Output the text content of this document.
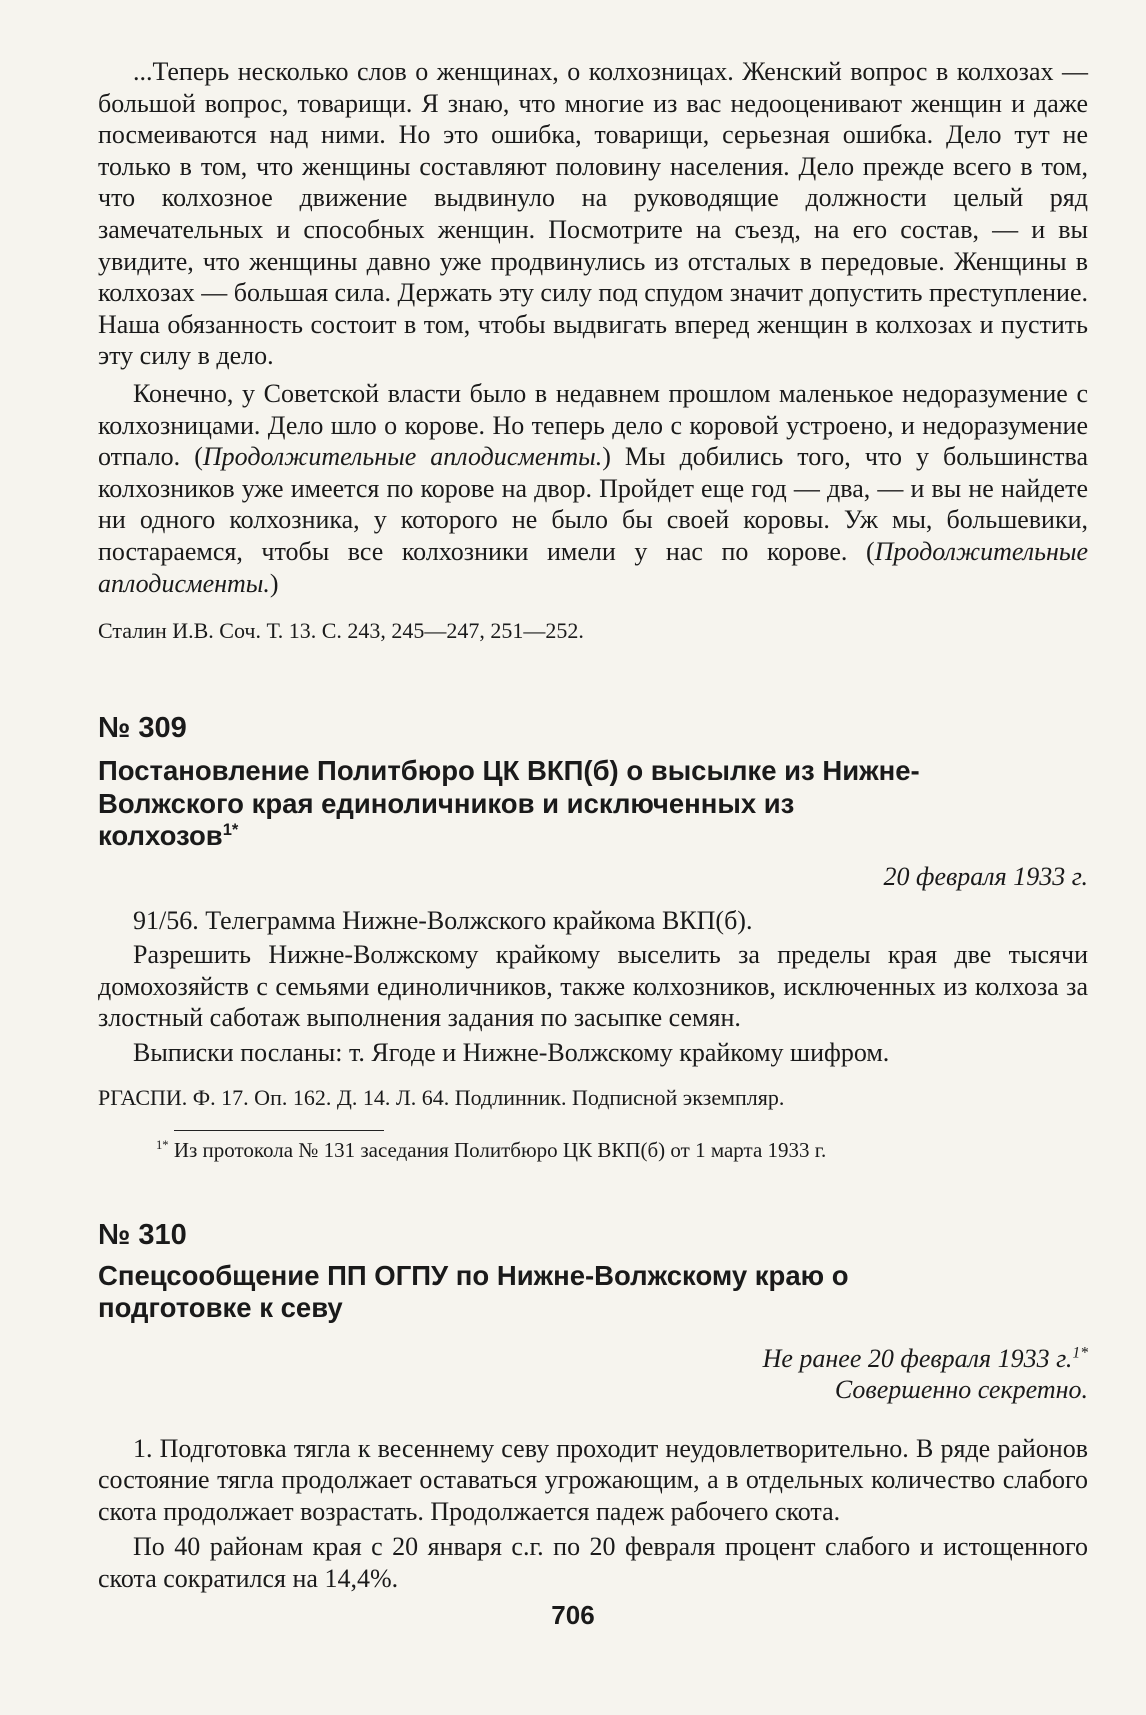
...Теперь несколько слов о женщинах, о колхозницах. Женский вопрос в колхозах — большой вопрос, товарищи. Я знаю, что многие из вас недооценивают женщин и даже посмеиваются над ними. Но это ошибка, товарищи, серьезная ошибка. Дело тут не только в том, что женщины составляют половину населения. Дело прежде всего в том, что колхозное движение выдвинуло на руководящие должности целый ряд замечательных и способных женщин. Посмотрите на съезд, на его состав, — и вы увидите, что женщины давно уже продвинулись из отсталых в передовые. Женщины в колхозах — большая сила. Держать эту силу под спудом значит допустить преступление. Наша обязанность состоит в том, чтобы выдвигать вперед женщин в колхозах и пустить эту силу в дело.

Конечно, у Советской власти было в недавнем прошлом маленькое недоразумение с колхозницами. Дело шло о корове. Но теперь дело с коровой устроено, и недоразумение отпало. (Продолжительные аплодисменты.) Мы добились того, что у большинства колхозников уже имеется по корове на двор. Пройдет еще год — два, — и вы не найдете ни одного колхозника, у которого не было бы своей коровы. Уж мы, большевики, постараемся, чтобы все колхозники имели у нас по корове. (Продолжительные аплодисменты.)

Сталин И.В. Соч. Т. 13. С. 243, 245—247, 251—252.

№ 309

Постановление Политбюро ЦК ВКП(б) о высылке из Нижне-Волжского края единоличников и исключенных из колхозов$^{1*}$

20 февраля 1933 г.

91/56. Телеграмма Нижне-Волжского крайкома ВКП(б).

Разрешить Нижне-Волжскому крайкому выселить за пределы края две тысячи домохозяйств с семьями единоличников, также колхозников, исключенных из колхоза за злостный саботаж выполнения задания по засыпке семян.

Выписки посланы: т. Ягоде и Нижне-Волжскому крайкому шифром.

РГАСПИ. Ф. 17. Оп. 162. Д. 14. Л. 64. Подлинник. Подписной экземпляр.

$^{1*}$ Из протокола № 131 заседания Политбюро ЦК ВКП(б) от 1 марта 1933 г.

№ 310

Спецсообщение ПП ОГПУ по Нижне-Волжскому краю о подготовке к севу

Не ранее 20 февраля 1933 г.$^{1*}$

Совершенно секретно.

1. Подготовка тягла к весеннему севу проходит неудовлетворительно. В ряде районов состояние тягла продолжает оставаться угрожающим, а в отдельных количество слабого скота продолжает возрастать. Продолжается падеж рабочего скота.

По 40 районам края с 20 января с.г. по 20 февраля процент слабого и истощенного скота сократился на 14,4%.

706
